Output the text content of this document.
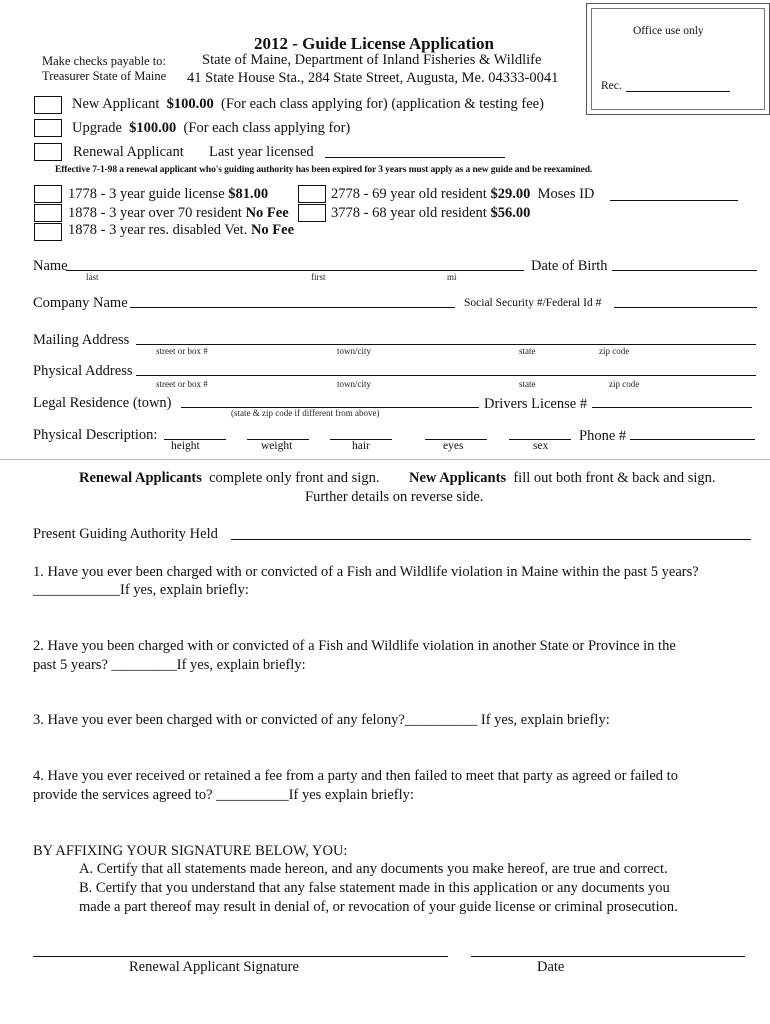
Office use only
Rec.
2012 - Guide License Application
Make checks payable to:
Treasurer State of Maine
State of Maine, Department of Inland Fisheries & Wildlife
41 State House Sta., 284 State Street, Augusta, Me. 04333-0041
New Applicant $100.00 (For each class applying for) (application & testing fee)
Upgrade $100.00 (For each class applying for)
Renewal Applicant Last year licensed
Effective 7-1-98 a renewal applicant who's guiding authority has been expired for 3 years must apply as a new guide and be reexamined.
1778 - 3 year guide license $81.00
1878 - 3 year over 70 resident No Fee
1878 - 3 year res. disabled Vet. No Fee
2778 - 69 year old resident $29.00 Moses ID
3778 - 68 year old resident $56.00
Name
last	first	mi
Date of Birth
Company Name	Social Security #/Federal Id #
Mailing Address
street or box #	town/city	state	zip code
Physical Address
street or box #	town/city	state	zip code
Legal Residence (town)
(state & zip code if different from above)
Drivers License #
Physical Description:
height	weight	hair	eyes	sex
Phone #
Renewal Applicants complete only front and sign. New Applicants fill out both front & back and sign.
Further details on reverse side.
Present Guiding Authority Held
1. Have you ever been charged with or convicted of a Fish and Wildlife violation in Maine within the past 5 years?
____________If yes, explain briefly:
2. Have you been charged with or convicted of a Fish and Wildlife violation in another State or Province in the
past 5 years? _________If yes, explain briefly:
3. Have you ever been charged with or convicted of any felony?__________ If yes, explain briefly:
4. Have you ever received or retained a fee from a party and then failed to meet that party as agreed or failed to
provide the services agreed to? __________If yes explain briefly:
BY AFFIXING YOUR SIGNATURE BELOW, YOU:
A. Certify that all statements made hereon, and any documents you make hereof, are true and correct.
B. Certify that you understand that any false statement made in this application or any documents you
made a part thereof may result in denial of, or revocation of your guide license or criminal prosecution.
Renewal Applicant Signature	Date
